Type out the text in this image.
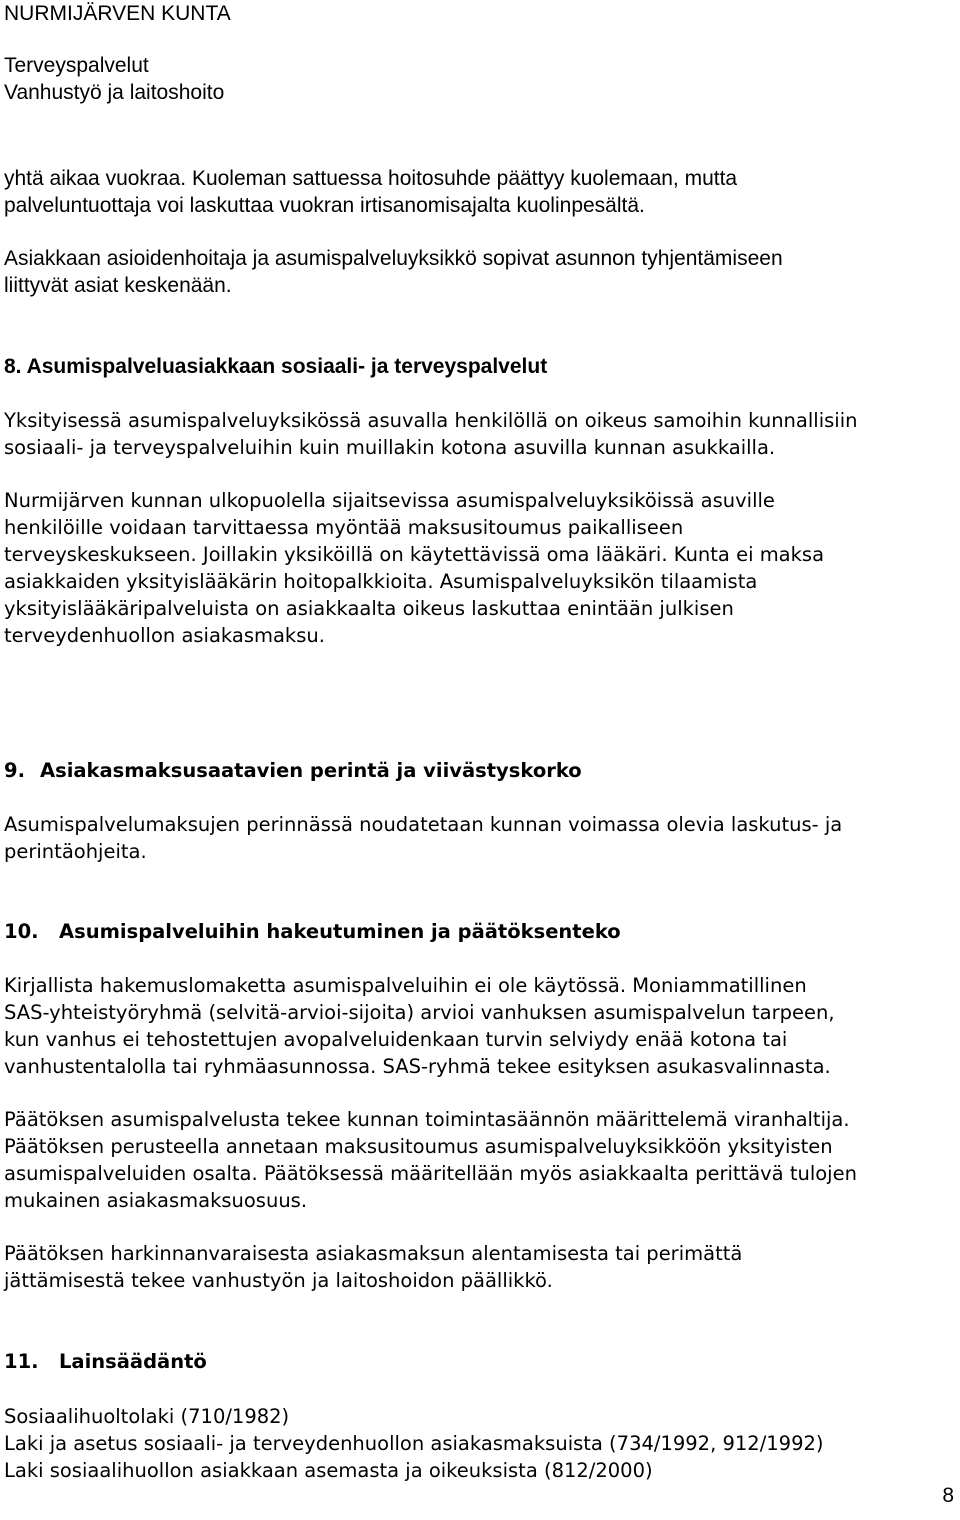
NURMIJÄRVEN KUNTA
Terveyspalvelut
Vanhustyö ja laitoshoito
yhtä aikaa vuokraa. Kuoleman sattuessa hoitosuhde päättyy kuolemaan, mutta
palveluntuottaja voi laskuttaa vuokran irtisanomisajalta kuolinpesältä.
Asiakkaan asioidenhoitaja ja asumispalveluyksikkö sopivat asunnon tyhjentämiseen
liittyvät asiat keskenään.
8. Asumispalveluasiakkaan sosiaali- ja terveyspalvelut
Yksityisessä asumispalveluyksikössä asuvalla henkilöllä on oikeus samoihin kunnallisiin
sosiaali- ja terveyspalveluihin kuin muillakin kotona asuvilla kunnan asukkailla.
Nurmijärven kunnan ulkopuolella sijaitsevissa asumispalveluyksiköissä asuville
henkilöille voidaan tarvittaessa myöntää maksusitoumus paikalliseen
terveyskeskukseen. Joillakin yksiköillä on käytettävissä oma lääkäri. Kunta ei maksa
asiakkaiden yksityislääkärin hoitopalkkioita. Asumispalveluyksikön tilaamista
yksityislääkäripalveluista on asiakkaalta oikeus laskuttaa enintään julkisen
terveydenhuollon asiakasmaksu.
9. Asiakasmaksusaatavien perintä ja viivästyskorko
Asumispalvelumaksujen perinnässä noudatetaan kunnan voimassa olevia laskutus- ja
perintäohjeita.
10. Asumispalveluihin hakeutuminen ja päätöksenteko
Kirjallista hakemuslomaketta asumispalveluihin ei ole käytössä. Moniammatillinen
SAS-yhteistyöryhmä (selvitä-arvioi-sijoita) arvioi vanhuksen asumispalvelun tarpeen,
kun vanhus ei tehostettujen avopalveluidenkaan turvin selviydy enää kotona tai
vanhustentalolla tai ryhmäasunnossa. SAS-ryhmä tekee esityksen asukasvalinnasta.
Päätöksen asumispalvelusta tekee kunnan toimintasäännön määrittelemä viranhaltija.
Päätöksen perusteella annetaan maksusitoumus asumispalveluyksikköön yksityisten
asumispalveluiden osalta. Päätöksessä määritellään myös asiakkaalta perittävä tulojen
mukainen asiakasmaksuosuus.
Päätöksen harkinnanvaraisesta asiakasmaksun alentamisesta tai perimättä
jättämisestä tekee vanhustyön ja laitoshoidon päällikkö.
11. Lainsäädäntö
Sosiaalihuoltolaki (710/1982)
Laki ja asetus sosiaali- ja terveydenhuollon asiakasmaksuista (734/1992, 912/1992)
Laki sosiaalihuollon asiakkaan asemasta ja oikeuksista (812/2000)
8
